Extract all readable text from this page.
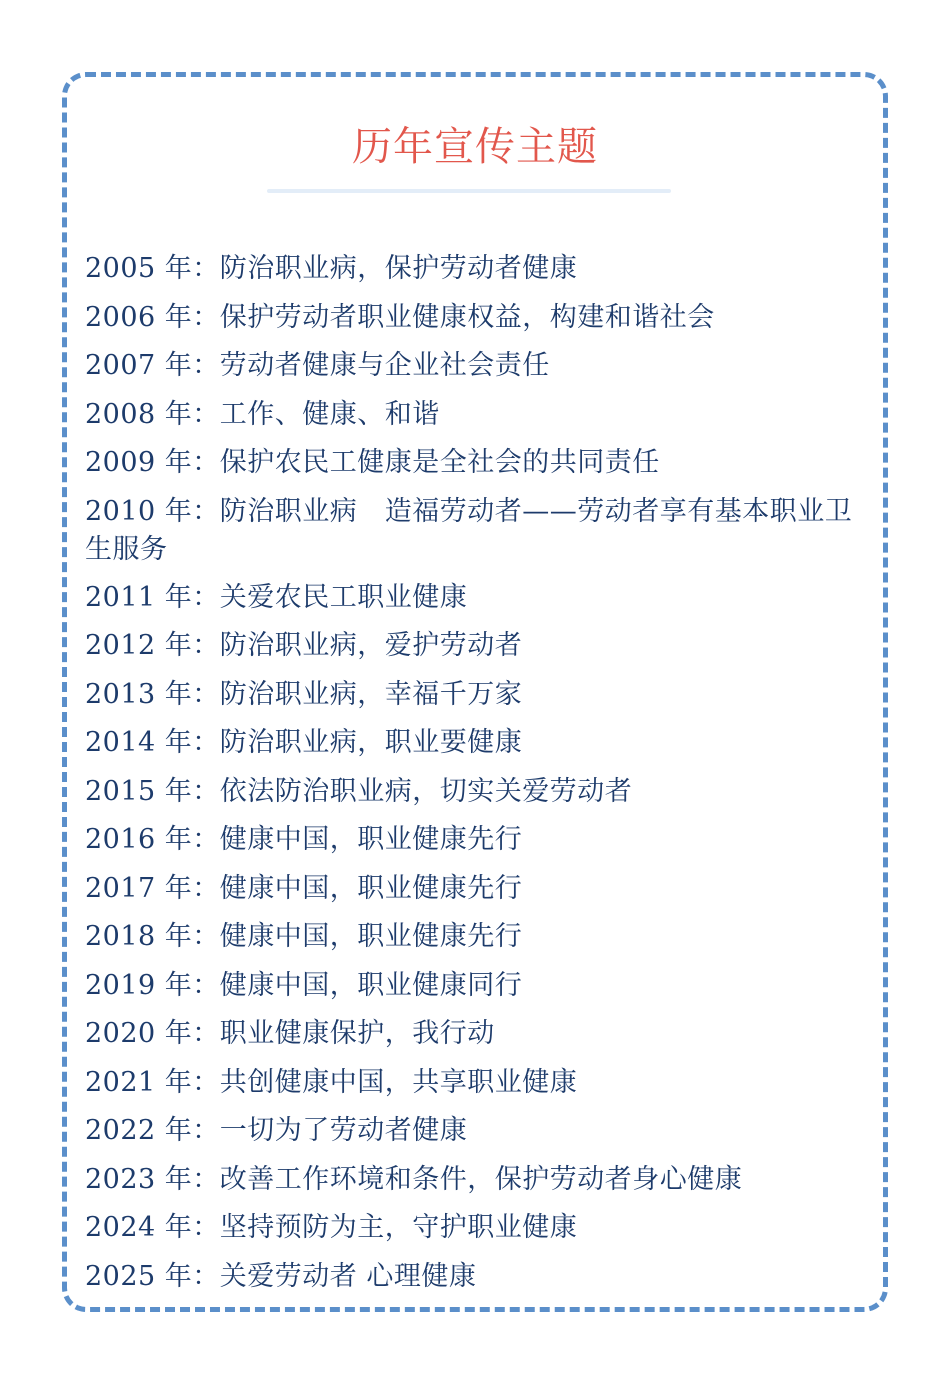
历年宣传主题
2005 年：防治职业病，保护劳动者健康
2006 年：保护劳动者职业健康权益，构建和谐社会
2007 年：劳动者健康与企业社会责任
2008 年：工作、健康、和谐
2009 年：保护农民工健康是全社会的共同责任
2010 年：防治职业病　造福劳动者——劳动者享有基本职业卫生服务
2011 年：关爱农民工职业健康
2012 年：防治职业病，爱护劳动者
2013 年：防治职业病，幸福千万家
2014 年：防治职业病，职业要健康
2015 年：依法防治职业病，切实关爱劳动者
2016 年：健康中国，职业健康先行
2017 年：健康中国，职业健康先行
2018 年：健康中国，职业健康先行
2019 年：健康中国，职业健康同行
2020 年：职业健康保护，我行动
2021 年：共创健康中国，共享职业健康
2022 年：一切为了劳动者健康
2023 年：改善工作环境和条件，保护劳动者身心健康
2024 年：坚持预防为主，守护职业健康
2025 年：关爱劳动者 心理健康
